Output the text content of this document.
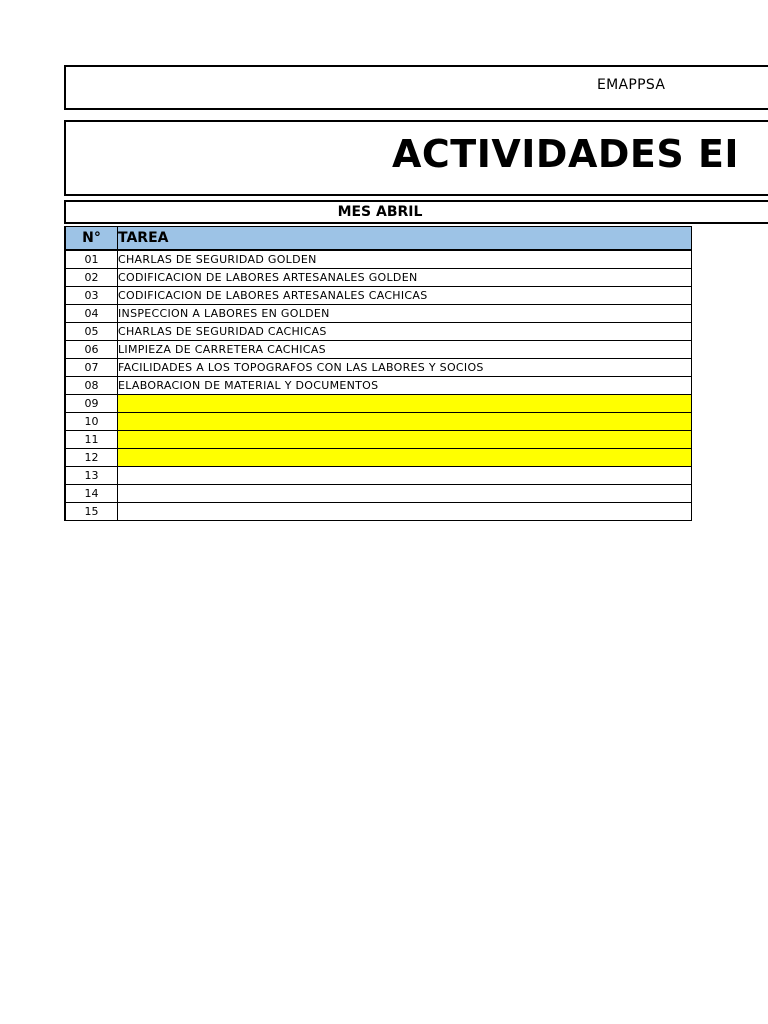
EMAPPSA
ACTIVIDADES EI
MES ABRIL
N°	TAREA
01	CHARLAS DE SEGURIDAD GOLDEN
02	CODIFICACION DE LABORES ARTESANALES GOLDEN
03	CODIFICACION DE LABORES ARTESANALES CACHICAS
04	INSPECCION A LABORES EN GOLDEN
05	CHARLAS DE SEGURIDAD CACHICAS
06	LIMPIEZA DE CARRETERA CACHICAS
07	FACILIDADES A LOS TOPOGRAFOS CON LAS LABORES Y SOCIOS
08	ELABORACION DE MATERIAL Y DOCUMENTOS
09	
10	
11	
12	
13	
14	
15	
